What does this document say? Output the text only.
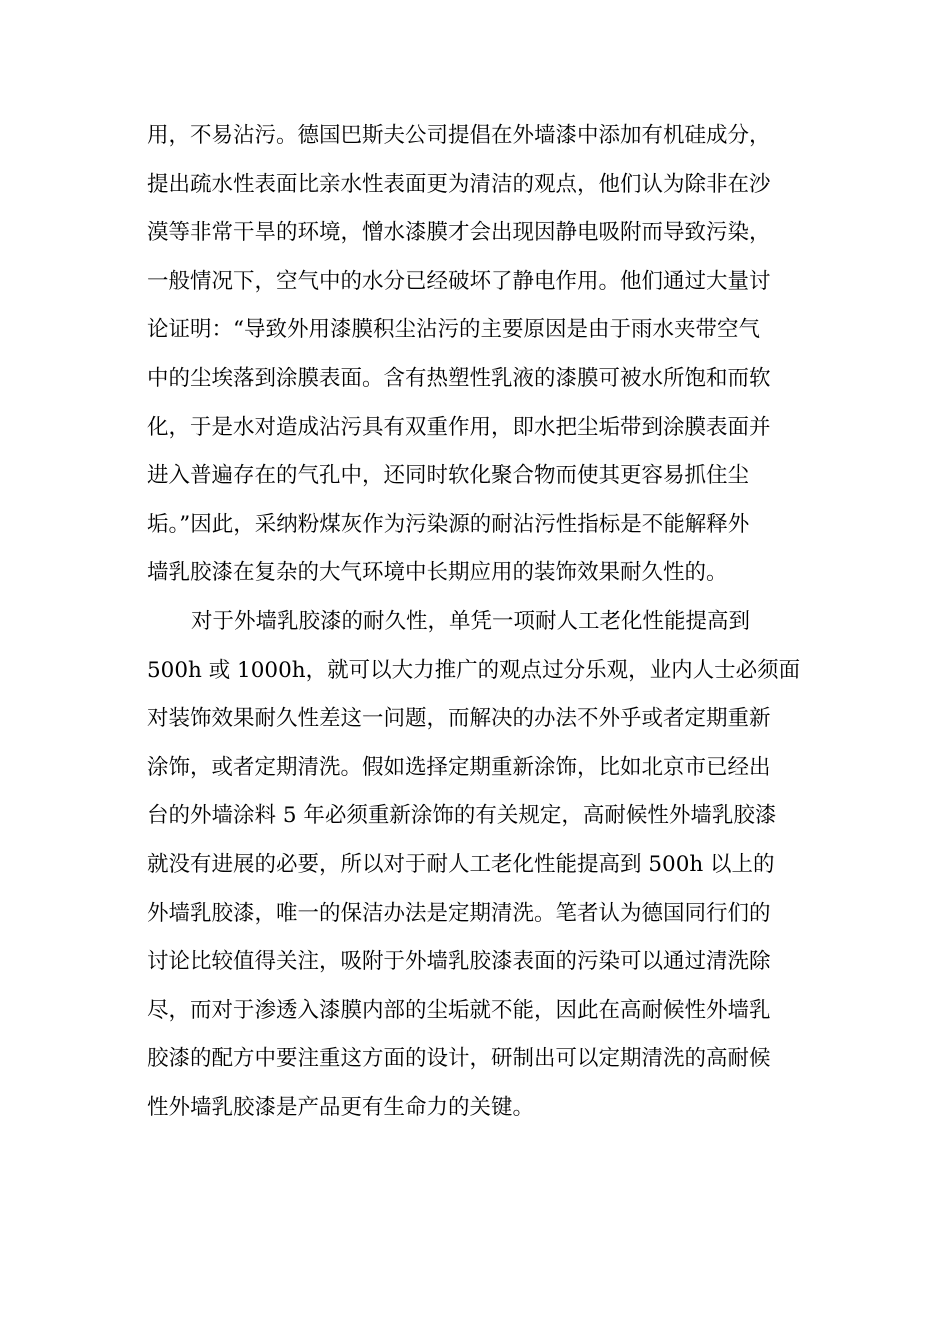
用，不易沾污。德国巴斯夫公司提倡在外墙漆中添加有机硅成分，
提出疏水性表面比亲水性表面更为清洁的观点，他们认为除非在沙
漠等非常干旱的环境，憎水漆膜才会出现因静电吸附而导致污染，
一般情况下，空气中的水分已经破坏了静电作用。他们通过大量讨
论证明：“导致外用漆膜积尘沾污的主要原因是由于雨水夹带空气
中的尘埃落到涂膜表面。含有热塑性乳液的漆膜可被水所饱和而软
化，于是水对造成沾污具有双重作用，即水把尘垢带到涂膜表面并
进入普遍存在的气孔中，还同时软化聚合物而使其更容易抓住尘
垢。”因此，采纳粉煤灰作为污染源的耐沾污性指标是不能解释外
墙乳胶漆在复杂的大气环境中长期应用的装饰效果耐久性的。
对于外墙乳胶漆的耐久性，单凭一项耐人工老化性能提高到
500h 或 1000h，就可以大力推广的观点过分乐观，业内人士必须面
对装饰效果耐久性差这一问题，而解决的办法不外乎或者定期重新
涂饰，或者定期清洗。假如选择定期重新涂饰，比如北京市已经出
台的外墙涂料 5 年必须重新涂饰的有关规定，高耐候性外墙乳胶漆
就没有进展的必要，所以对于耐人工老化性能提高到 500h 以上的
外墙乳胶漆，唯一的保洁办法是定期清洗。笔者认为德国同行们的
讨论比较值得关注，吸附于外墙乳胶漆表面的污染可以通过清洗除
尽，而对于渗透入漆膜内部的尘垢就不能，因此在高耐候性外墙乳
胶漆的配方中要注重这方面的设计，研制出可以定期清洗的高耐候
性外墙乳胶漆是产品更有生命力的关键。
